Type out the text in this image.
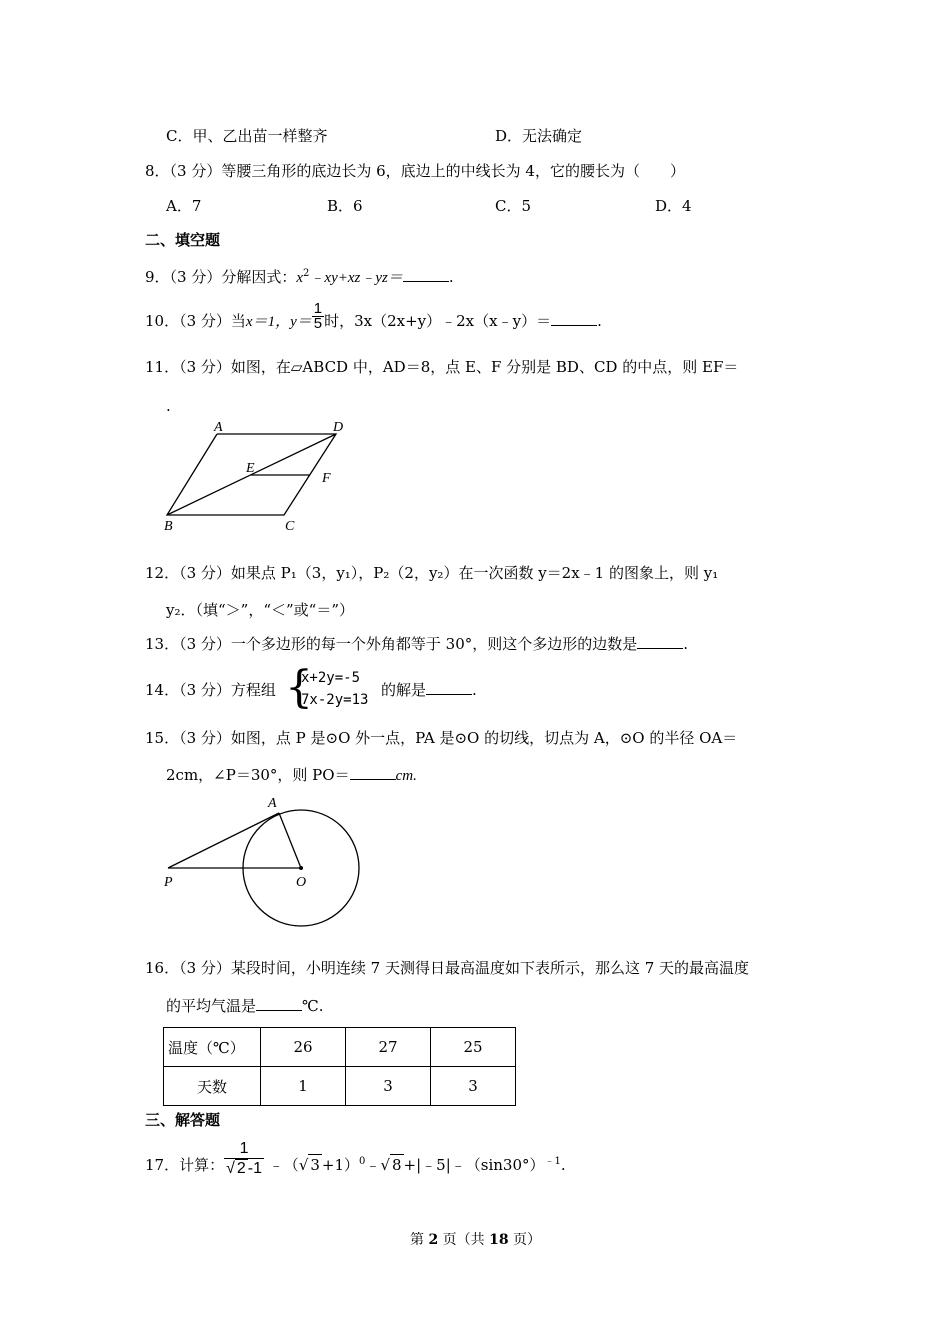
C．甲、乙出苗一样整齐	D．无法确定
8．（3 分）等腰三角形的底边长为 6，底边上的中线长为 4，它的腰长为（　　）
A．7	B．6	C．5	D．4
二、填空题
9．（3 分）分解因式：$x^2﹣xy+xz﹣yz=$	.
10．（3 分）当x＝1，$y= \frac{1}{5}$ 时，3x（2x+y）﹣2x（x﹣y）＝	.
11．（3 分）如图，在▱ABCD 中，AD＝8，点 E、F 分别是 BD、CD 的中点，则 EF＝
.
A	D
E
F
B	C
12．（3 分）如果点 P₁（3，y₁），P₂（2，y₂）在一次函数 y＝2x﹣1 的图象上，则 y₁
y₂．（填“＞”，“＜”或“＝”）
13．（3 分）一个多边形的每一个外角都等于 30°，则这个多边形的边数是	.
14．（3 分）方程组 {
x+2y=-5
7x-2y=13
的解是	.
15．（3 分）如图，点 P 是⊙O 外一点，PA 是⊙O 的切线，切点为 A，⊙O 的半径 OA＝
2cm，∠P＝30°，则 PO＝	cm.
A
P	O
16．（3 分）某段时间，小明连续 7 天测得日最高温度如下表所示，那么这 7 天的最高温度
的平均气温是	℃.
温度（℃）	26	27	25
天数	1	3	3
三、解答题
17．计算： $\frac{1}{√ 2 -1}$ ﹣（√ 3 +1）$^0$﹣√ $8 +|﹣5|﹣(\sin 30^\circ)^{﹣1}$.
第 2 页（共 18 页）
